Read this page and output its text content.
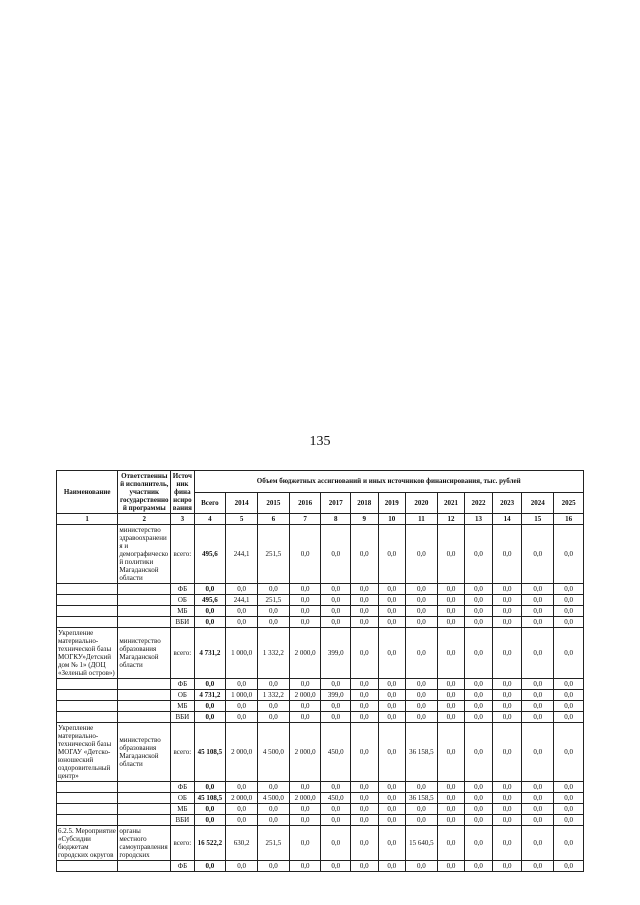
135
Наименование	Ответственный исполнитель, участник государственной программы	Источник финансирования	Объем бюджетных ассигнований и иных источников финансирования, тыс. рублей												
			Всего	2014	2015	2016	2017	2018	2019	2020	2021	2022	2023	2024	2025
1	2	3	4	5	6	7	8	9	10	11	12	13	14	15	16
	министерство здравоохранения и демографической политики Магаданской области	всего:	495,6	244,1	251,5	0,0	0,0	0,0	0,0	0,0	0,0	0,0	0,0	0,0	0,0
		ФБ	0,0	0,0	0,0	0,0	0,0	0,0	0,0	0,0	0,0	0,0	0,0	0,0	0,0
		ОБ	495,6	244,1	251,5	0,0	0,0	0,0	0,0	0,0	0,0	0,0	0,0	0,0	0,0
		МБ	0,0	0,0	0,0	0,0	0,0	0,0	0,0	0,0	0,0	0,0	0,0	0,0	0,0
		ВБИ	0,0	0,0	0,0	0,0	0,0	0,0	0,0	0,0	0,0	0,0	0,0	0,0	0,0
Укрепление материально-технической базы МОГКУ»Детский дом № 1» (ДОЦ «Зеленый остров»)	министерство образования Магаданской области	всего:	4 731,2	1 000,0	1 332,2	2 000,0	399,0	0,0	0,0	0,0	0,0	0,0	0,0	0,0	0,0
		ФБ	0,0	0,0	0,0	0,0	0,0	0,0	0,0	0,0	0,0	0,0	0,0	0,0	0,0
		ОБ	4 731,2	1 000,0	1 332,2	2 000,0	399,0	0,0	0,0	0,0	0,0	0,0	0,0	0,0	0,0
		МБ	0,0	0,0	0,0	0,0	0,0	0,0	0,0	0,0	0,0	0,0	0,0	0,0	0,0
		ВБИ	0,0	0,0	0,0	0,0	0,0	0,0	0,0	0,0	0,0	0,0	0,0	0,0	0,0
Укрепление материально-технической базы МОГАУ «Детско-юношеский оздоровительный центр»	министерство образования Магаданской области	всего:	45 108,5	2 000,0	4 500,0	2 000,0	450,0	0,0	0,0	36 158,5	0,0	0,0	0,0	0,0	0,0
		ФБ	0,0	0,0	0,0	0,0	0,0	0,0	0,0	0,0	0,0	0,0	0,0	0,0	0,0
		ОБ	45 108,5	2 000,0	4 500,0	2 000,0	450,0	0,0	0,0	36 158,5	0,0	0,0	0,0	0,0	0,0
		МБ	0,0	0,0	0,0	0,0	0,0	0,0	0,0	0,0	0,0	0,0	0,0	0,0	0,0
		ВБИ	0,0	0,0	0,0	0,0	0,0	0,0	0,0	0,0	0,0	0,0	0,0	0,0	0,0
6.2.5. Мероприятие «Субсидии бюджетам городских округов	органы местного самоуправления городских	всего:	16 522,2	630,2	251,5	0,0	0,0	0,0	0,0	15 640,5	0,0	0,0	0,0	0,0	0,0
		ФБ	0,0	0,0	0,0	0,0	0,0	0,0	0,0	0,0	0,0	0,0	0,0	0,0	0,0
